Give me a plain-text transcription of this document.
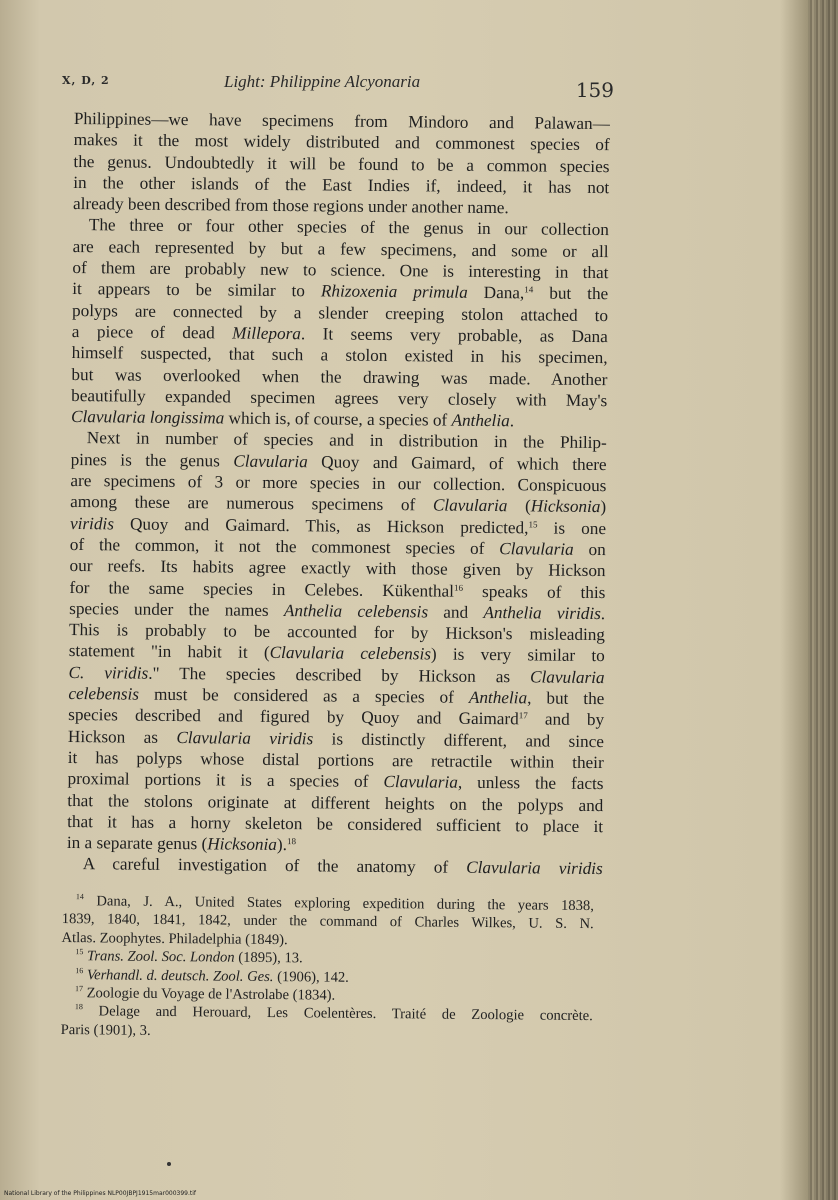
X, D, 2	Light: Philippine Alcyonaria	159
Philippines—we have specimens from Mindoro and Palawan—
makes it the most widely distributed and commonest species of
the genus. Undoubtedly it will be found to be a common species
in the other islands of the East Indies if, indeed, it has not
already been described from those regions under another name.
The three or four other species of the genus in our collection
are each represented by but a few specimens, and some or all
of them are probably new to science. One is interesting in that
it appears to be similar to Rhizoxenia primula Dana,$^{14}$ but the
polyps are connected by a slender creeping stolon attached to
a piece of dead Millepora. It seems very probable, as Dana
himself suspected, that such a stolon existed in his specimen,
but was overlooked when the drawing was made. Another
beautifully expanded specimen agrees very closely with May's
Clavularia longissima which is, of course, a species of Anthelia.
Next in number of species and in distribution in the Philip-
pines is the genus Clavularia Quoy and Gaimard, of which there
are specimens of 3 or more species in our collection. Conspicuous
among these are numerous specimens of Clavularia (Hicksonia)
viridis Quoy and Gaimard. This, as Hickson predicted,$^{15}$ is one
of the common, it not the commonest species of Clavularia on
our reefs. Its habits agree exactly with those given by Hickson
for the same species in Celebes. Kükenthal$^{16}$ speaks of this
species under the names Anthelia celebensis and Anthelia viridis.
This is probably to be accounted for by Hickson's misleading
statement "in habit it (Clavularia celebensis) is very similar to
C. viridis." The species described by Hickson as Clavularia
celebensis must be considered as a species of Anthelia, but the
species described and figured by Quoy and Gaimard$^{17}$ and by
Hickson as Clavularia viridis is distinctly different, and since
it has polyps whose distal portions are retractile within their
proximal portions it is a species of Clavularia, unless the facts
that the stolons originate at different heights on the polyps and
that it has a horny skeleton be considered sufficient to place it
in a separate genus (Hicksonia).$^{18}$
A careful investigation of the anatomy of Clavularia viridis
$^{14}$ Dana, J. A., United States exploring expedition during the years 1838,
1839, 1840, 1841, 1842, under the command of Charles Wilkes, U. S. N.
Atlas. Zoophytes. Philadelphia (1849).
$^{15}$ Trans. Zool. Soc. London (1895), 13.
$^{16}$ Verhandl. d. deutsch. Zool. Ges. (1906), 142.
$^{17}$ Zoologie du Voyage de l'Astrolabe (1834).
$^{18}$ Delage and Herouard, Les Coelentères. Traité de Zoologie concrète.
Paris (1901), 3.
National Library of the Philippines NLP00JBPJ1915mar000399.tif
